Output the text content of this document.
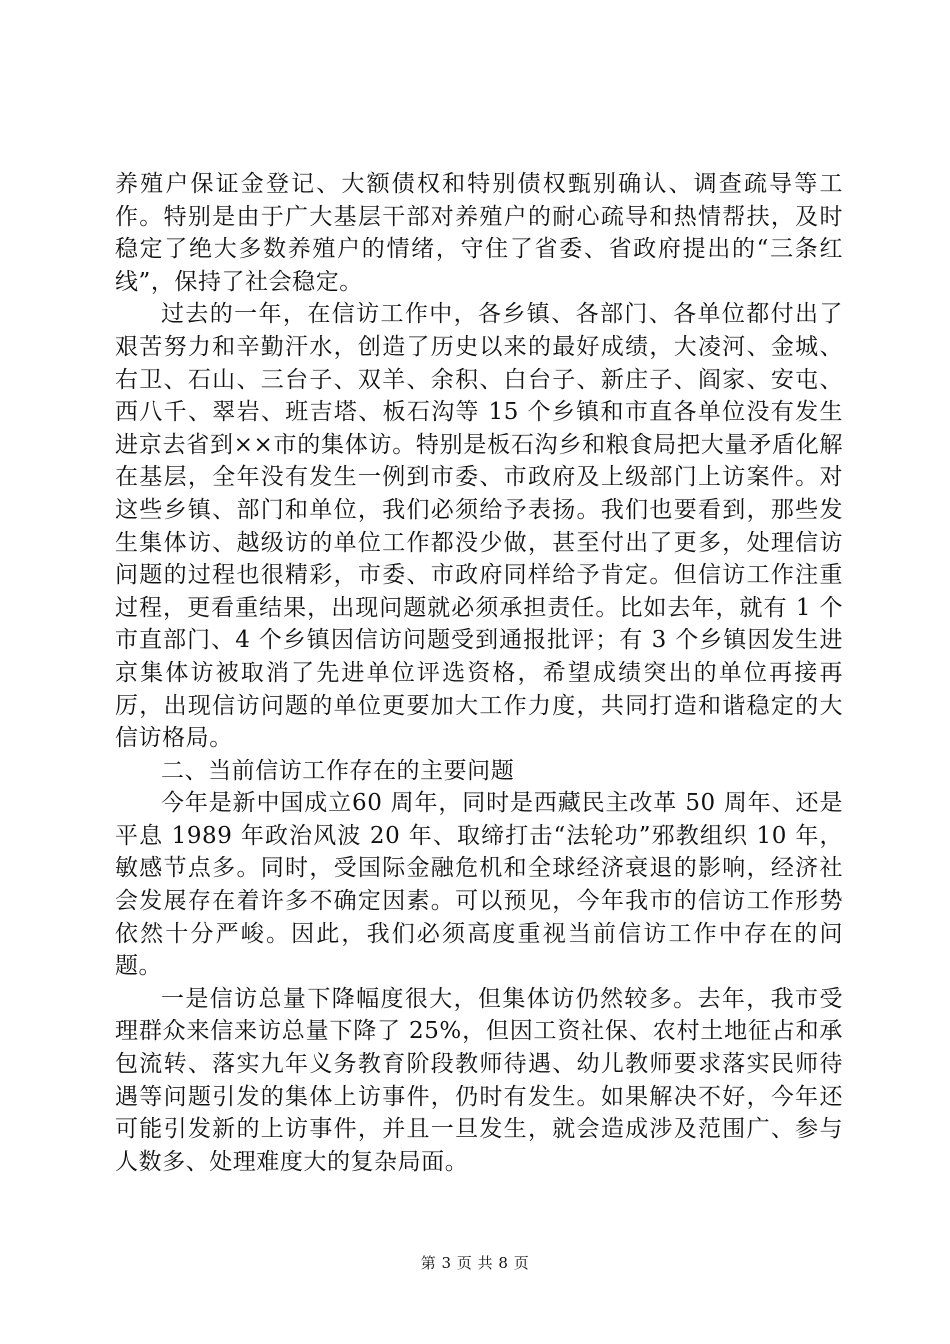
养殖户保证金登记、大额债权和特别债权甄别确认、调查疏导等工作。特别是由于广大基层干部对养殖户的耐心疏导和热情帮扶，及时稳定了绝大多数养殖户的情绪，守住了省委、省政府提出的“三条红线”，保持了社会稳定。

过去的一年，在信访工作中，各乡镇、各部门、各单位都付出了艰苦努力和辛勤汗水，创造了历史以来的最好成绩，大凌河、金城、右卫、石山、三台子、双羊、余积、白台子、新庄子、阎家、安屯、西八千、翠岩、班吉塔、板石沟等 15 个乡镇和市直各单位没有发生进京去省到××市的集体访。特别是板石沟乡和粮食局把大量矛盾化解在基层，全年没有发生一例到市委、市政府及上级部门上访案件。对这些乡镇、部门和单位，我们必须给予表扬。我们也要看到，那些发生集体访、越级访的单位工作都没少做，甚至付出了更多，处理信访问题的过程也很精彩，市委、市政府同样给予肯定。但信访工作注重过程，更看重结果，出现问题就必须承担责任。比如去年，就有 1 个市直部门、4 个乡镇因信访问题受到通报批评；有 3 个乡镇因发生进京集体访被取消了先进单位评选资格，希望成绩突出的单位再接再厉，出现信访问题的单位更要加大工作力度，共同打造和谐稳定的大信访格局。

二、当前信访工作存在的主要问题

今年是新中国成立60 周年，同时是西藏民主改革 50 周年、还是平息 1989 年政治风波 20 年、取缔打击“法轮功”邪教组织 10 年，敏感节点多。同时，受国际金融危机和全球经济衰退的影响，经济社会发展存在着许多不确定因素。可以预见，今年我市的信访工作形势依然十分严峻。因此，我们必须高度重视当前信访工作中存在的问题。

一是信访总量下降幅度很大，但集体访仍然较多。去年，我市受理群众来信来访总量下降了 25%，但因工资社保、农村土地征占和承包流转、落实九年义务教育阶段教师待遇、幼儿教师要求落实民师待遇等问题引发的集体上访事件，仍时有发生。如果解决不好，今年还可能引发新的上访事件，并且一旦发生，就会造成涉及范围广、参与人数多、处理难度大的复杂局面。

第 3 页 共 8 页
